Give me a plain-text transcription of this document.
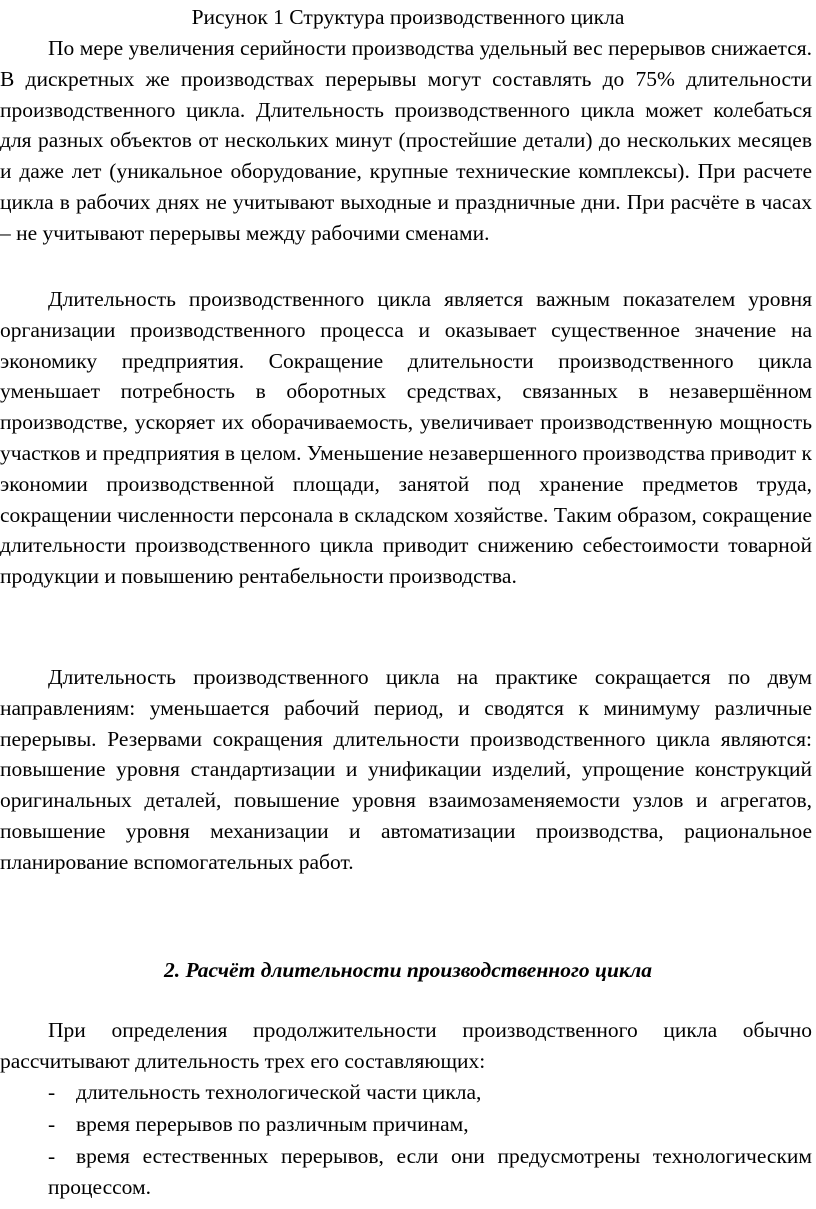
Рисунок 1 Структура производственного цикла

По мере увеличения серийности производства удельный вес перерывов снижается. В дискретных же производствах перерывы могут составлять до 75% длительности производственного цикла. Длительность производственного цикла может колебаться для разных объектов от нескольких минут (простейшие детали) до нескольких месяцев и даже лет (уникальное оборудование, крупные технические комплексы). При расчете цикла в рабочих днях не учитывают выходные и праздничные дни. При расчёте в часах – не учитывают перерывы между рабочими сменами.

Длительность производственного цикла является важным показателем уровня организации производственного процесса и оказывает существенное значение на экономику предприятия. Сокращение длительности производственного цикла уменьшает потребность в оборотных средствах, связанных в незавершённом производстве, ускоряет их оборачиваемость, увеличивает производственную мощность участков и предприятия в целом. Уменьшение незавершенного производства приводит к экономии производственной площади, занятой под хранение предметов труда, сокращении численности персонала в складском хозяйстве. Таким образом, сокращение длительности производственного цикла приводит снижению себестоимости товарной продукции и повышению рентабельности производства.

Длительность производственного цикла на практике сокращается по двум направлениям: уменьшается рабочий период, и сводятся к минимуму различные перерывы. Резервами сокращения длительности производственного цикла являются: повышение уровня стандартизации и унификации изделий, упрощение конструкций оригинальных деталей, повышение уровня взаимозаменяемости узлов и агрегатов, повышение уровня механизации и автоматизации производства, рациональное планирование вспомогательных работ.

2. Расчёт длительности производственного цикла

При определения продолжительности производственного цикла обычно рассчитывают длительность трех его составляющих:

- длительность технологической части цикла,

- время перерывов по различным причинам,

- время естественных перерывов, если они предусмотрены технологическим процессом.
